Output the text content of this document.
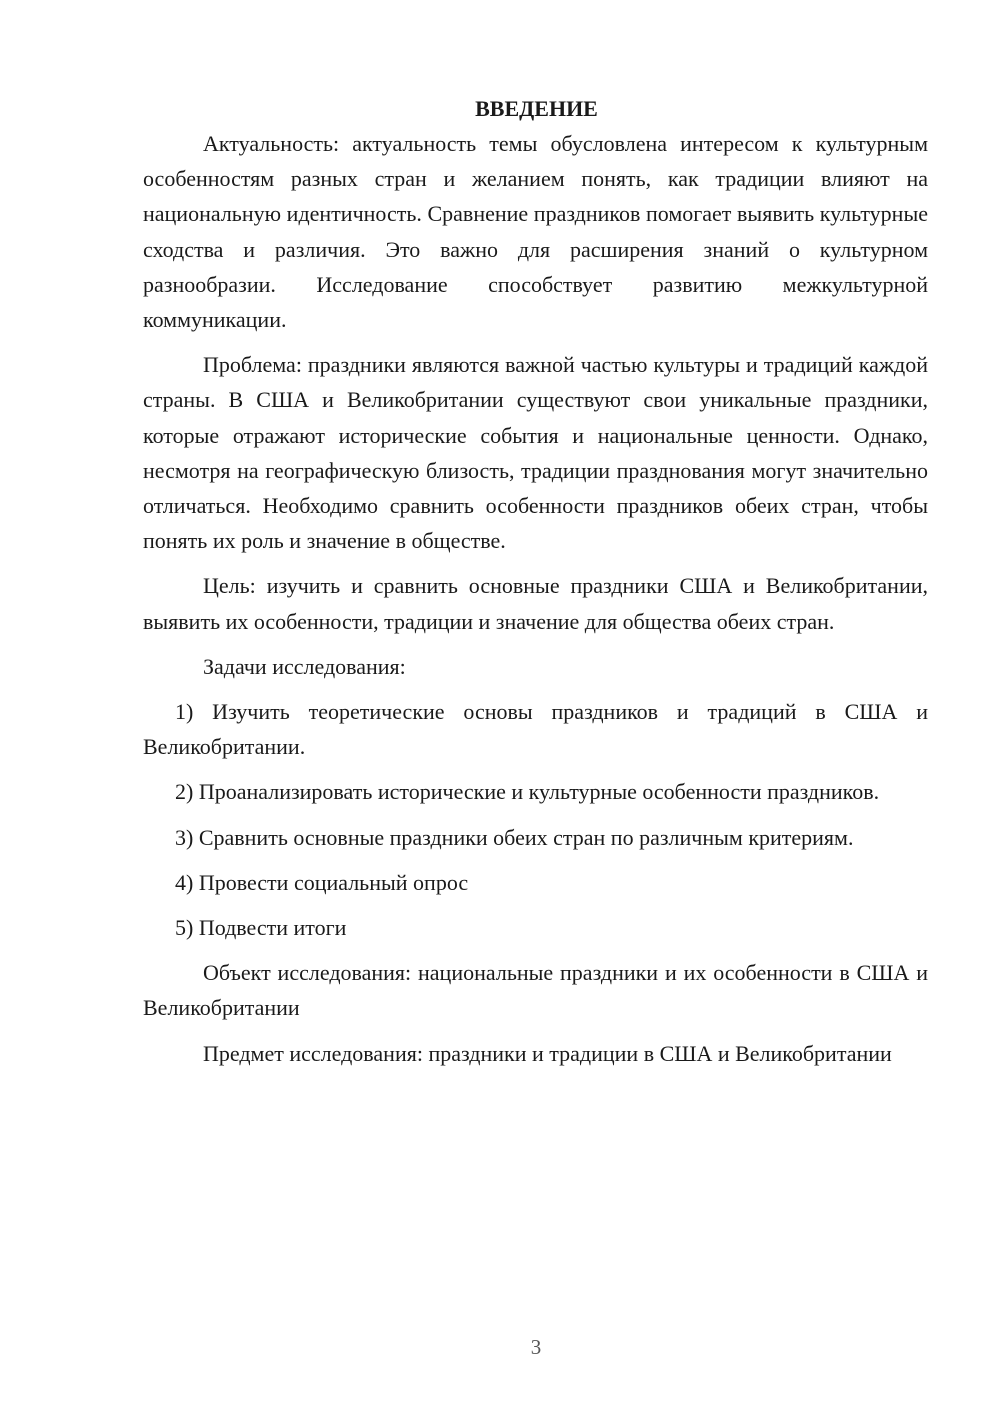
ВВЕДЕНИЕ

Актуальность: актуальность темы обусловлена интересом к культурным особенностям разных стран и желанием понять, как традиции влияют на национальную идентичность. Сравнение праздников помогает выявить культурные сходства и различия. Это важно для расширения знаний о культурном разнообразии. Исследование способствует развитию межкультурной коммуникации.

Проблема: праздники являются важной частью культуры и традиций каждой страны. В США и Великобритании существуют свои уникальные праздники, которые отражают исторические события и национальные ценности. Однако, несмотря на географическую близость, традиции празднования могут значительно отличаться. Необходимо сравнить особенности праздников обеих стран, чтобы понять их роль и значение в обществе.

Цель: изучить и сравнить основные праздники США и Великобритании, выявить их особенности, традиции и значение для общества обеих стран.

Задачи исследования:

1) Изучить теоретические основы праздников и традиций в США и Великобритании.

2) Проанализировать исторические и культурные особенности праздников.

3) Сравнить основные праздники обеих стран по различным критериям.

4) Провести социальный опрос

5) Подвести итоги

Объект исследования: национальные праздники и их особенности в США и Великобритании

Предмет исследования: праздники и традиции в США и Великобритании

3
